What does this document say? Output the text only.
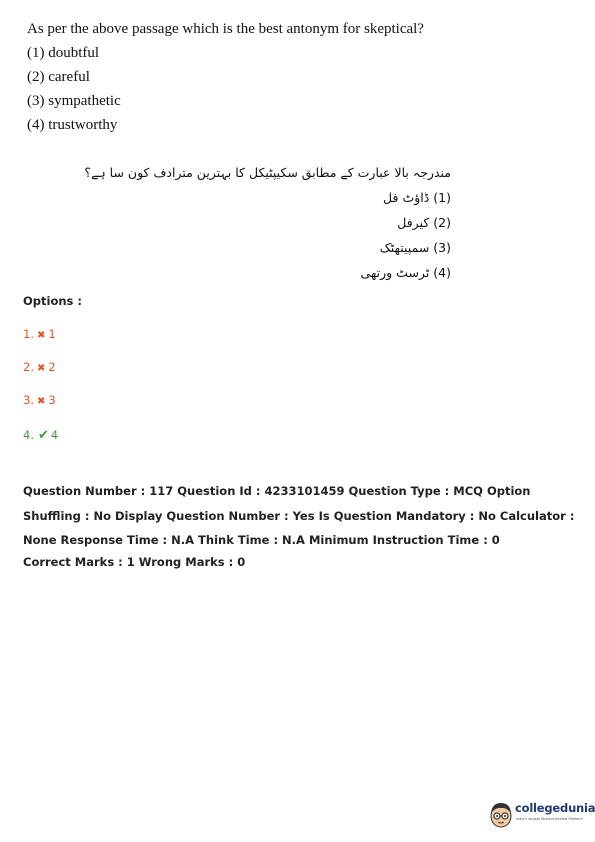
As per the above passage which is the best antonym for skeptical?
(1) doubtful
(2) careful
(3) sympathetic
(4) trustworthy
مندرجہ بالا عبارت کے مطابق سکیپٹیکل کا بہترین مترادف کون سا ہے؟
(1) ڈاؤٹ فل
(2) کیرفل
(3) سمپیتھٹک
(4) ٹرسٹ ورتھی
Options :
1. ✖ 1
2. ✖ 2
3. ✖ 3
4. ✔ 4
Question Number : 117 Question Id : 4233101459 Question Type : MCQ Option Shuffling : No Display Question Number : Yes Is Question Mandatory : No Calculator : None Response Time : N.A Think Time : N.A Minimum Instruction Time : 0
Correct Marks : 1 Wrong Marks : 0
collegedunia
India's largest Student Review Platform
